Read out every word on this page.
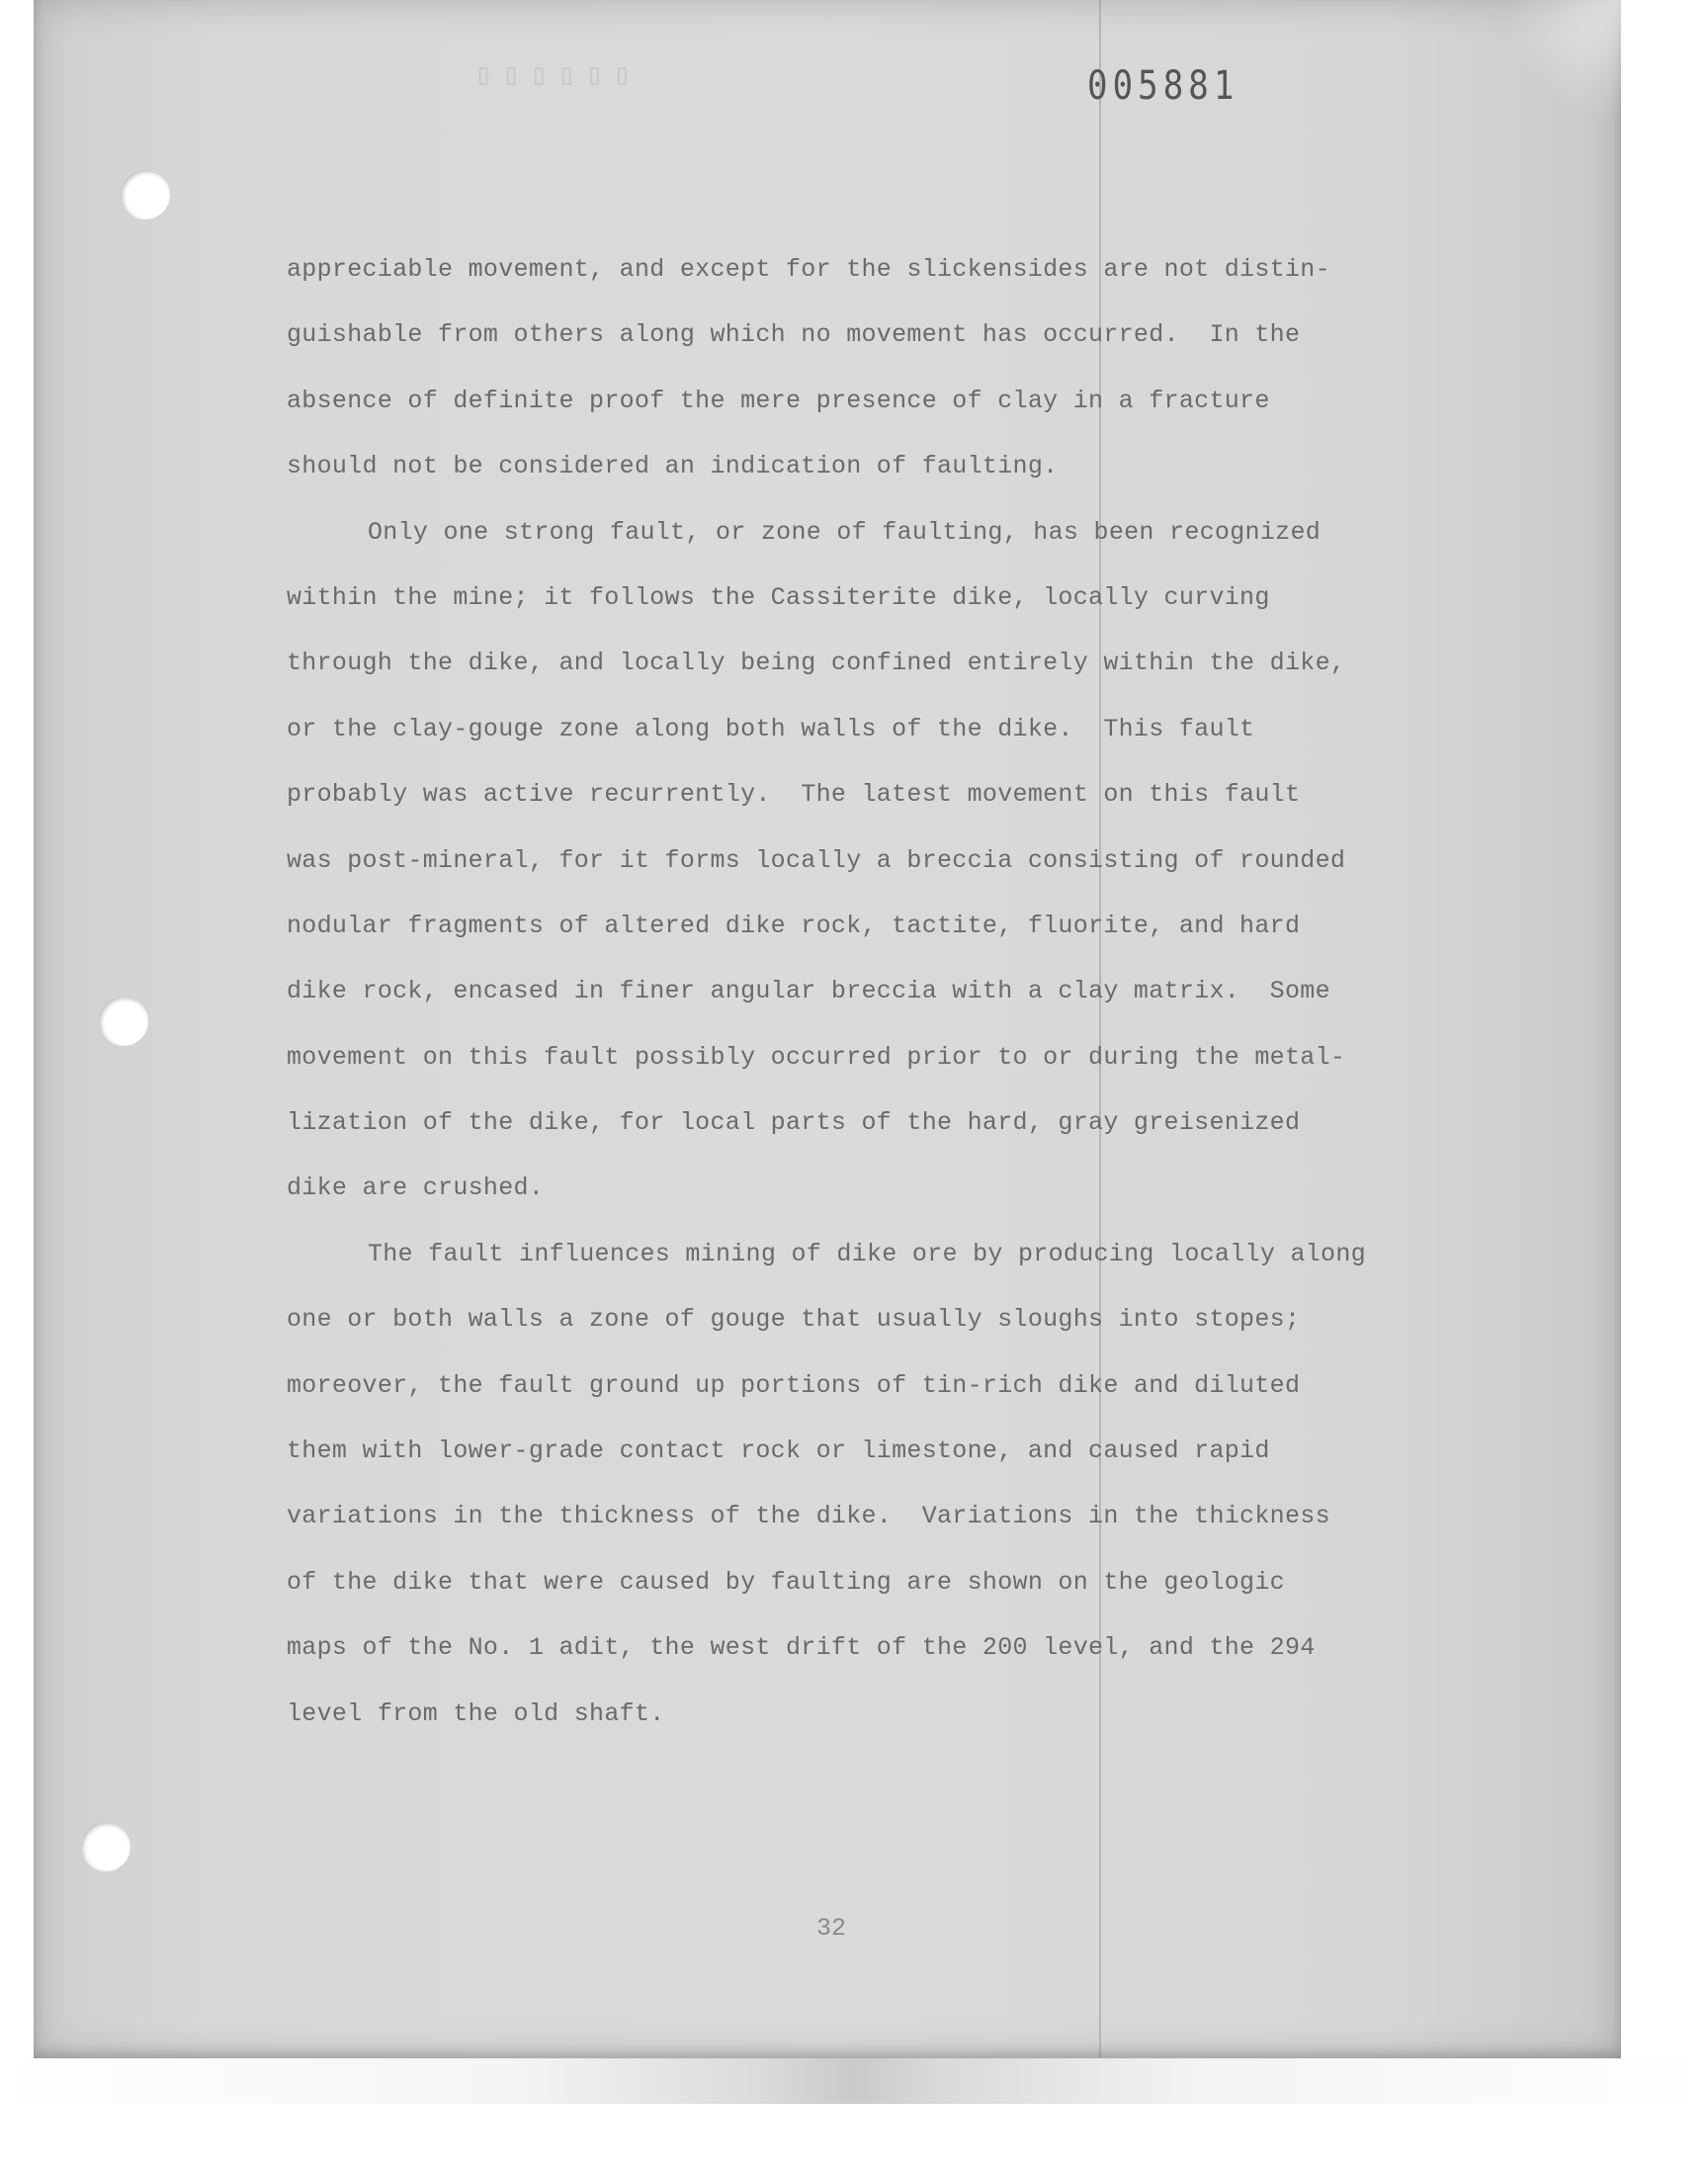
▯▯▯▯▯▯	005881
appreciable movement, and except for the slickensides are not distin-
guishable from others along which no movement has occurred.  In the
absence of definite proof the mere presence of clay in a fracture
should not be considered an indication of faulting.
Only one strong fault, or zone of faulting, has been recognized
within the mine; it follows the Cassiterite dike, locally curving
through the dike, and locally being confined entirely within the dike,
or the clay-gouge zone along both walls of the dike.  This fault
probably was active recurrently.  The latest movement on this fault
was post-mineral, for it forms locally a breccia consisting of rounded
nodular fragments of altered dike rock, tactite, fluorite, and hard
dike rock, encased in finer angular breccia with a clay matrix.  Some
movement on this fault possibly occurred prior to or during the metal-
lization of the dike, for local parts of the hard, gray greisenized
dike are crushed.
The fault influences mining of dike ore by producing locally along
one or both walls a zone of gouge that usually sloughs into stopes;
moreover, the fault ground up portions of tin-rich dike and diluted
them with lower-grade contact rock or limestone, and caused rapid
variations in the thickness of the dike.  Variations in the thickness
of the dike that were caused by faulting are shown on the geologic
maps of the No. 1 adit, the west drift of the 200 level, and the 294
level from the old shaft.
32
